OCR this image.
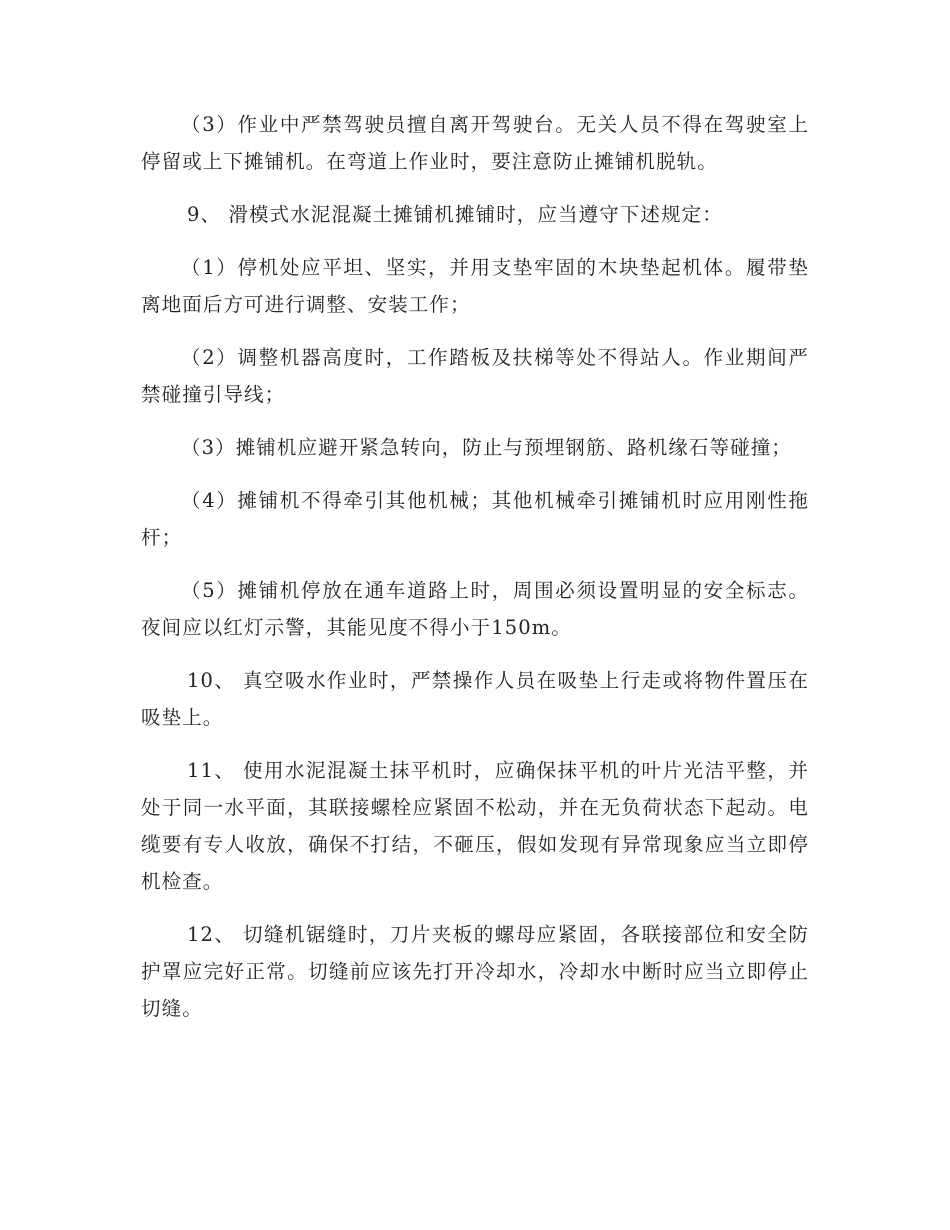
（3）作业中严禁驾驶员擅自离开驾驶台。无关人员不得在驾驶室上停留或上下摊铺机。在弯道上作业时，要注意防止摊铺机脱轨。

9、 滑模式水泥混凝土摊铺机摊铺时，应当遵守下述规定：

（1）停机处应平坦、坚实，并用支垫牢固的木块垫起机体。履带垫离地面后方可进行调整、安装工作；

（2）调整机器高度时，工作踏板及扶梯等处不得站人。作业期间严禁碰撞引导线；

（3）摊铺机应避开紧急转向，防止与预埋钢筋、路机缘石等碰撞；

（4）摊铺机不得牵引其他机械；其他机械牵引摊铺机时应用刚性拖杆；

（5）摊铺机停放在通车道路上时，周围必须设置明显的安全标志。夜间应以红灯示警，其能见度不得小于150m。

10、 真空吸水作业时，严禁操作人员在吸垫上行走或将物件置压在吸垫上。

11、 使用水泥混凝土抹平机时，应确保抹平机的叶片光洁平整，并处于同一水平面，其联接螺栓应紧固不松动，并在无负荷状态下起动。电缆要有专人收放，确保不打结，不砸压，假如发现有异常现象应当立即停机检查。

12、 切缝机锯缝时，刀片夹板的螺母应紧固，各联接部位和安全防护罩应完好正常。切缝前应该先打开冷却水，冷却水中断时应当立即停止切缝。
